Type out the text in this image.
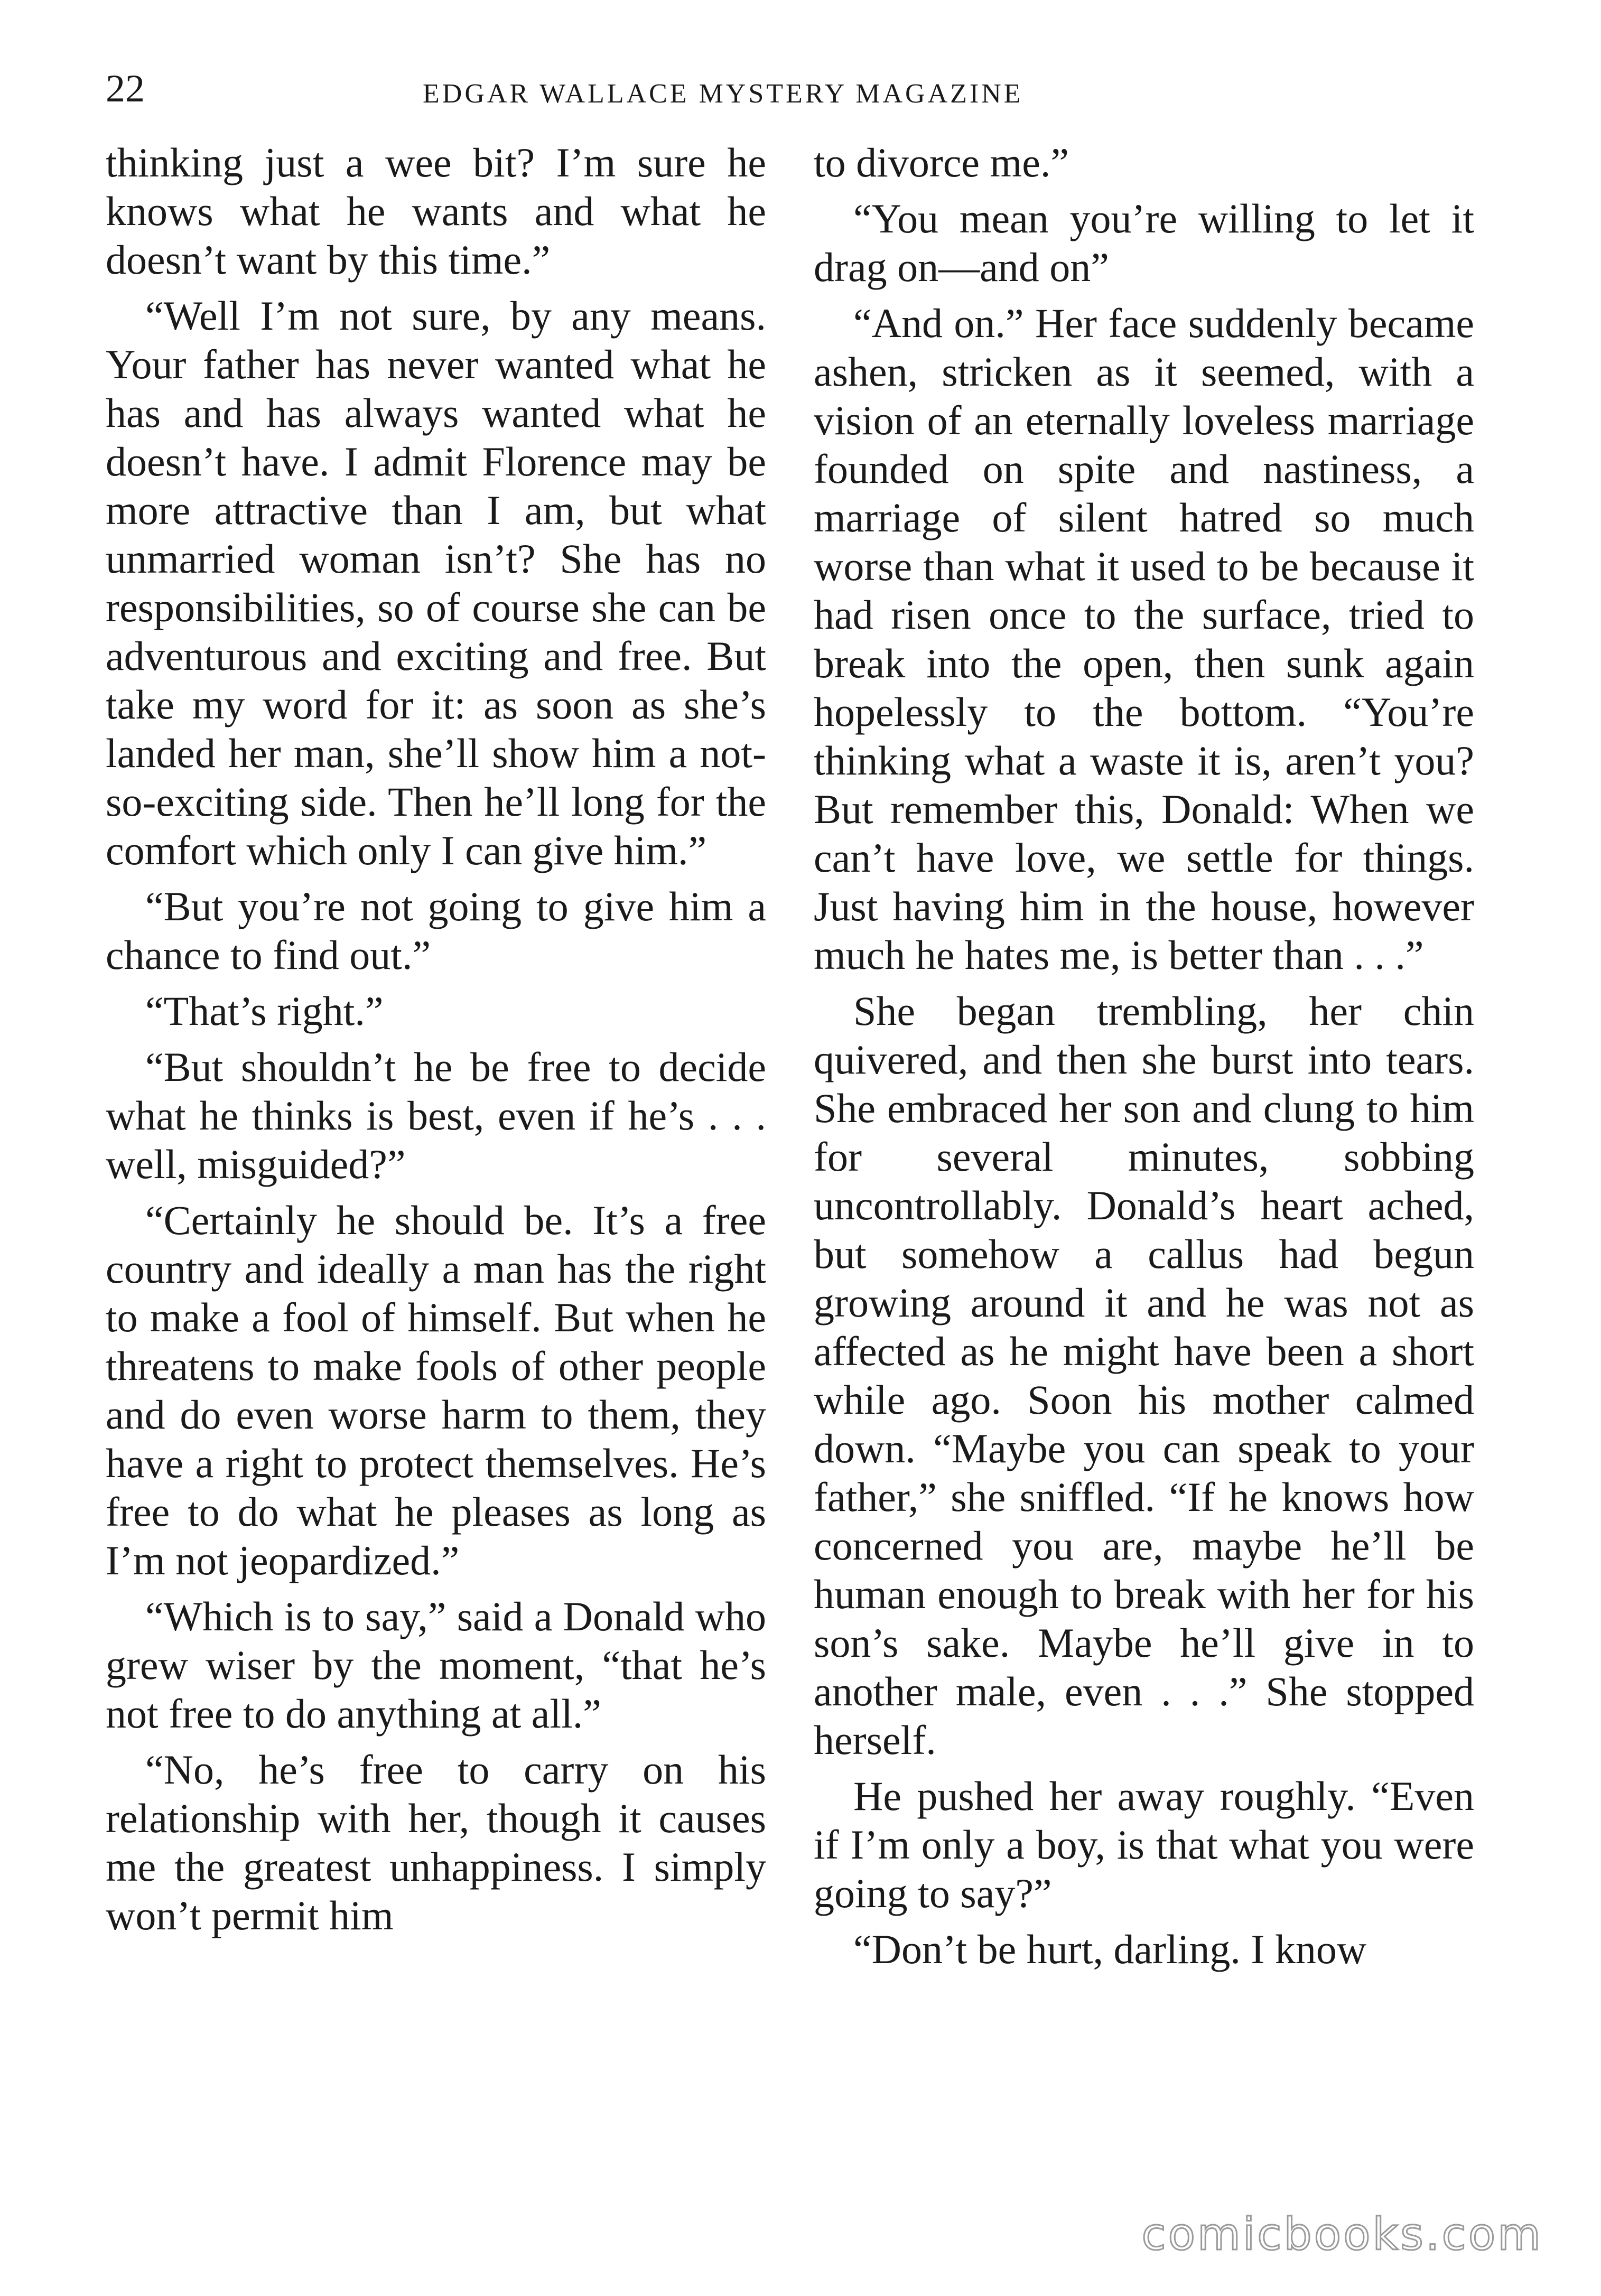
22	EDGAR WALLACE MYSTERY MAGAZINE

thinking just a wee bit? I’m sure he knows what he wants and what he doesn’t want by this time.”

“Well I’m not sure, by any means. Your father has never wanted what he has and has always wanted what he doesn’t have. I admit Florence may be more attractive than I am, but what unmarried woman isn’t? She has no responsibilities, so of course she can be adventurous and exciting and free. But take my word for it: as soon as she’s landed her man, she’ll show him a not-so-exciting side. Then he’ll long for the comfort which only I can give him.”

“But you’re not going to give him a chance to find out.”

“That’s right.”

“But shouldn’t he be free to decide what he thinks is best, even if he’s . . . well, misguided?”

“Certainly he should be. It’s a free country and ideally a man has the right to make a fool of himself. But when he threatens to make fools of other people and do even worse harm to them, they have a right to protect themselves. He’s free to do what he pleases as long as I’m not jeopardized.”

“Which is to say,” said a Donald who grew wiser by the moment, “that he’s not free to do anything at all.”

“No, he’s free to carry on his relationship with her, though it causes me the greatest unhappiness. I simply won’t permit him

to divorce me.”

“You mean you’re willing to let it drag on—and on”

“And on.” Her face suddenly became ashen, stricken as it seemed, with a vision of an eternally loveless marriage founded on spite and nastiness, a marriage of silent hatred so much worse than what it used to be because it had risen once to the surface, tried to break into the open, then sunk again hopelessly to the bottom. “You’re thinking what a waste it is, aren’t you? But remember this, Donald: When we can’t have love, we settle for things. Just having him in the house, however much he hates me, is better than . . .”

She began trembling, her chin quivered, and then she burst into tears. She embraced her son and clung to him for several minutes, sobbing uncontrollably. Donald’s heart ached, but somehow a callus had begun growing around it and he was not as affected as he might have been a short while ago. Soon his mother calmed down. “Maybe you can speak to your father,” she sniffled. “If he knows how concerned you are, maybe he’ll be human enough to break with her for his son’s sake. Maybe he’ll give in to another male, even . . .” She stopped herself.

He pushed her away roughly. “Even if I’m only a boy, is that what you were going to say?”

“Don’t be hurt, darling. I know

comicbooks.com
